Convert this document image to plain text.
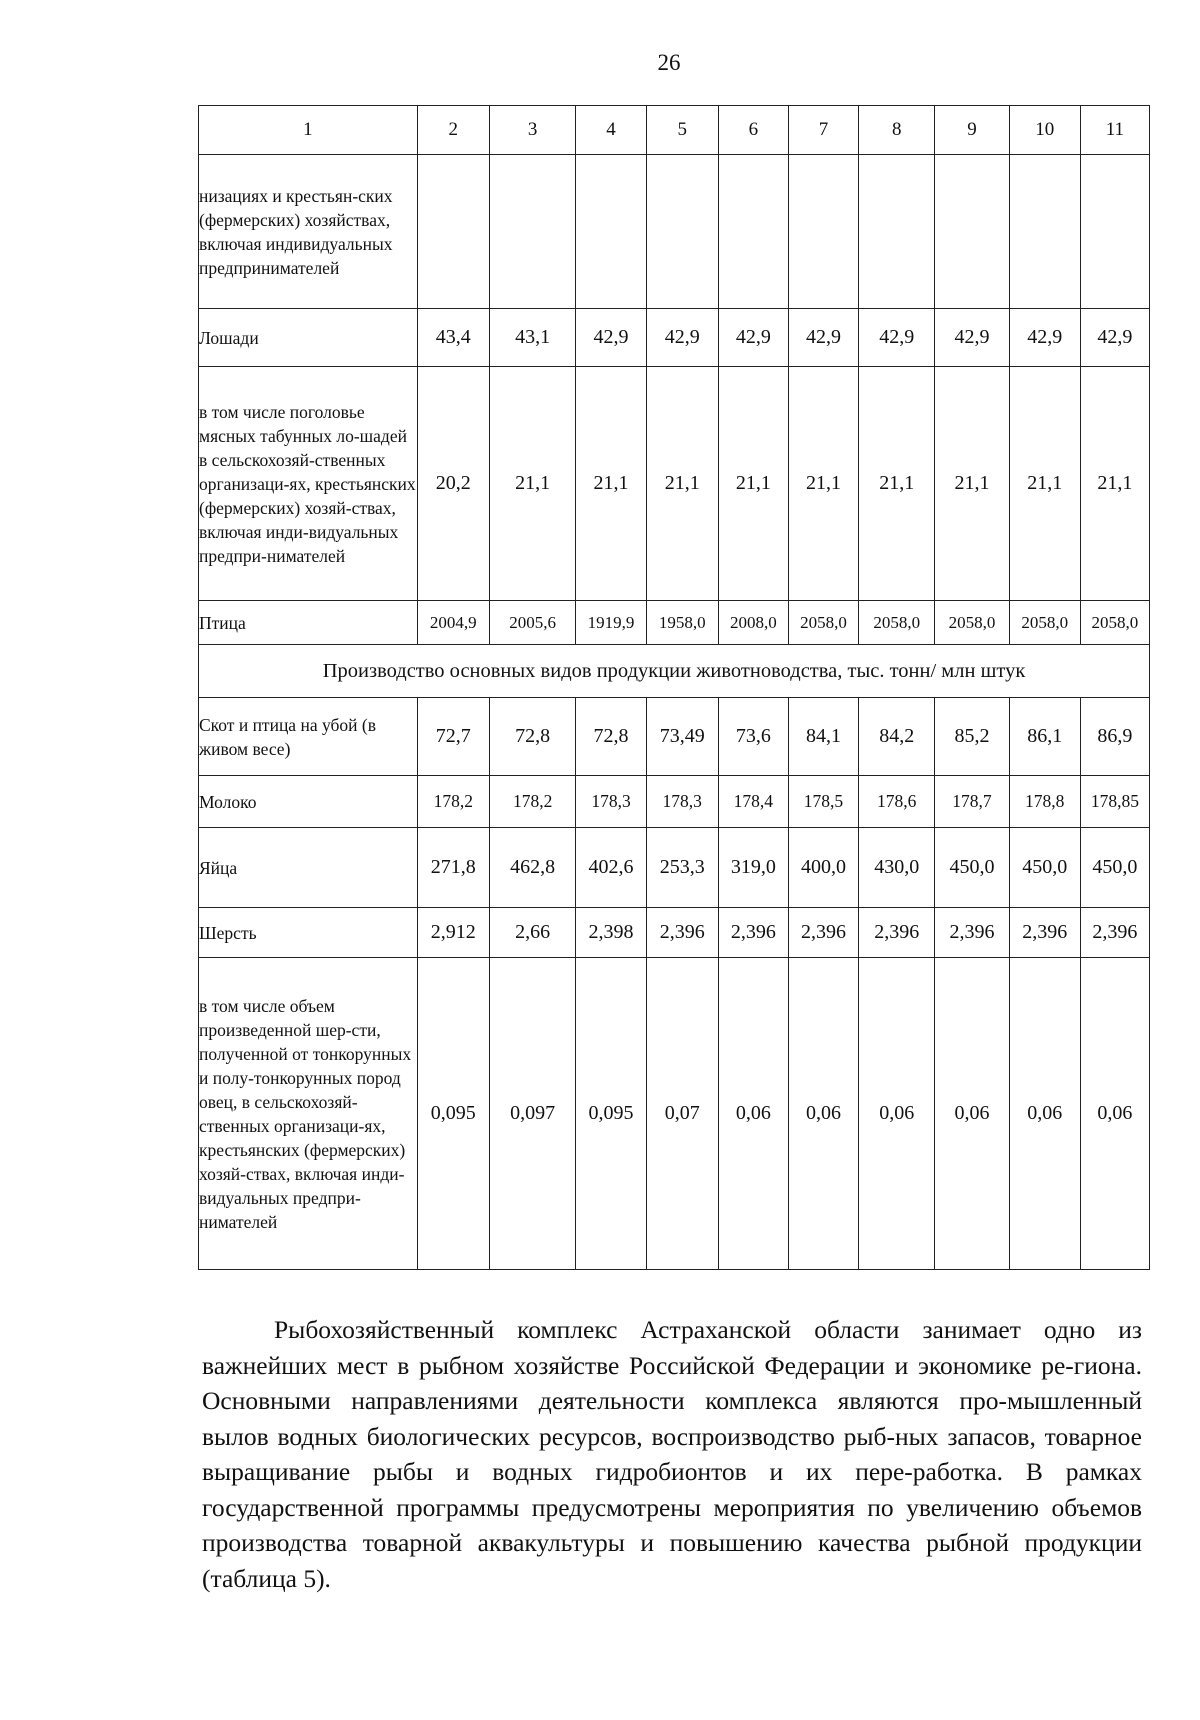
26
1	2	3	4	5	6	7	8	9	10	11
низациях и крестьян-ских (фермерских) хозяйствах, включая индивидуальных предпринимателей										
Лошади	43,4	43,1	42,9	42,9	42,9	42,9	42,9	42,9	42,9	42,9
в том числе поголовье мясных табунных ло-шадей в сельскохозяй-ственных организаци-ях, крестьянских (фермерских) хозяй-ствах, включая инди-видуальных предпри-нимателей	20,2	21,1	21,1	21,1	21,1	21,1	21,1	21,1	21,1	21,1
Птица	2004,9	2005,6	1919,9	1958,0	2008,0	2058,0	2058,0	2058,0	2058,0	2058,0
Производство основных видов продукции животноводства, тыс. тонн/ млн штук										
Скот и птица на убой (в живом весе)	72,7	72,8	72,8	73,49	73,6	84,1	84,2	85,2	86,1	86,9
Молоко	178,2	178,2	178,3	178,3	178,4	178,5	178,6	178,7	178,8	178,85
Яйца	271,8	462,8	402,6	253,3	319,0	400,0	430,0	450,0	450,0	450,0
Шерсть	2,912	2,66	2,398	2,396	2,396	2,396	2,396	2,396	2,396	2,396
в том числе объем произведенной шер-сти, полученной от тонкорунных и полу-тонкорунных пород овец, в сельскохозяй-ственных организаци-ях, крестьянских (фермерских) хозяй-ствах, включая инди-видуальных предпри-нимателей	0,095	0,097	0,095	0,07	0,06	0,06	0,06	0,06	0,06	0,06

Рыбохозяйственный комплекс Астраханской области занимает одно из важнейших мест в рыбном хозяйстве Российской Федерации и экономике ре-гиона. Основными направлениями деятельности комплекса являются про-мышленный вылов водных биологических ресурсов, воспроизводство рыб-ных запасов, товарное выращивание рыбы и водных гидробионтов и их пере-работка. В рамках государственной программы предусмотрены мероприятия по увеличению объемов производства товарной аквакультуры и повышению качества рыбной продукции (таблица 5).
